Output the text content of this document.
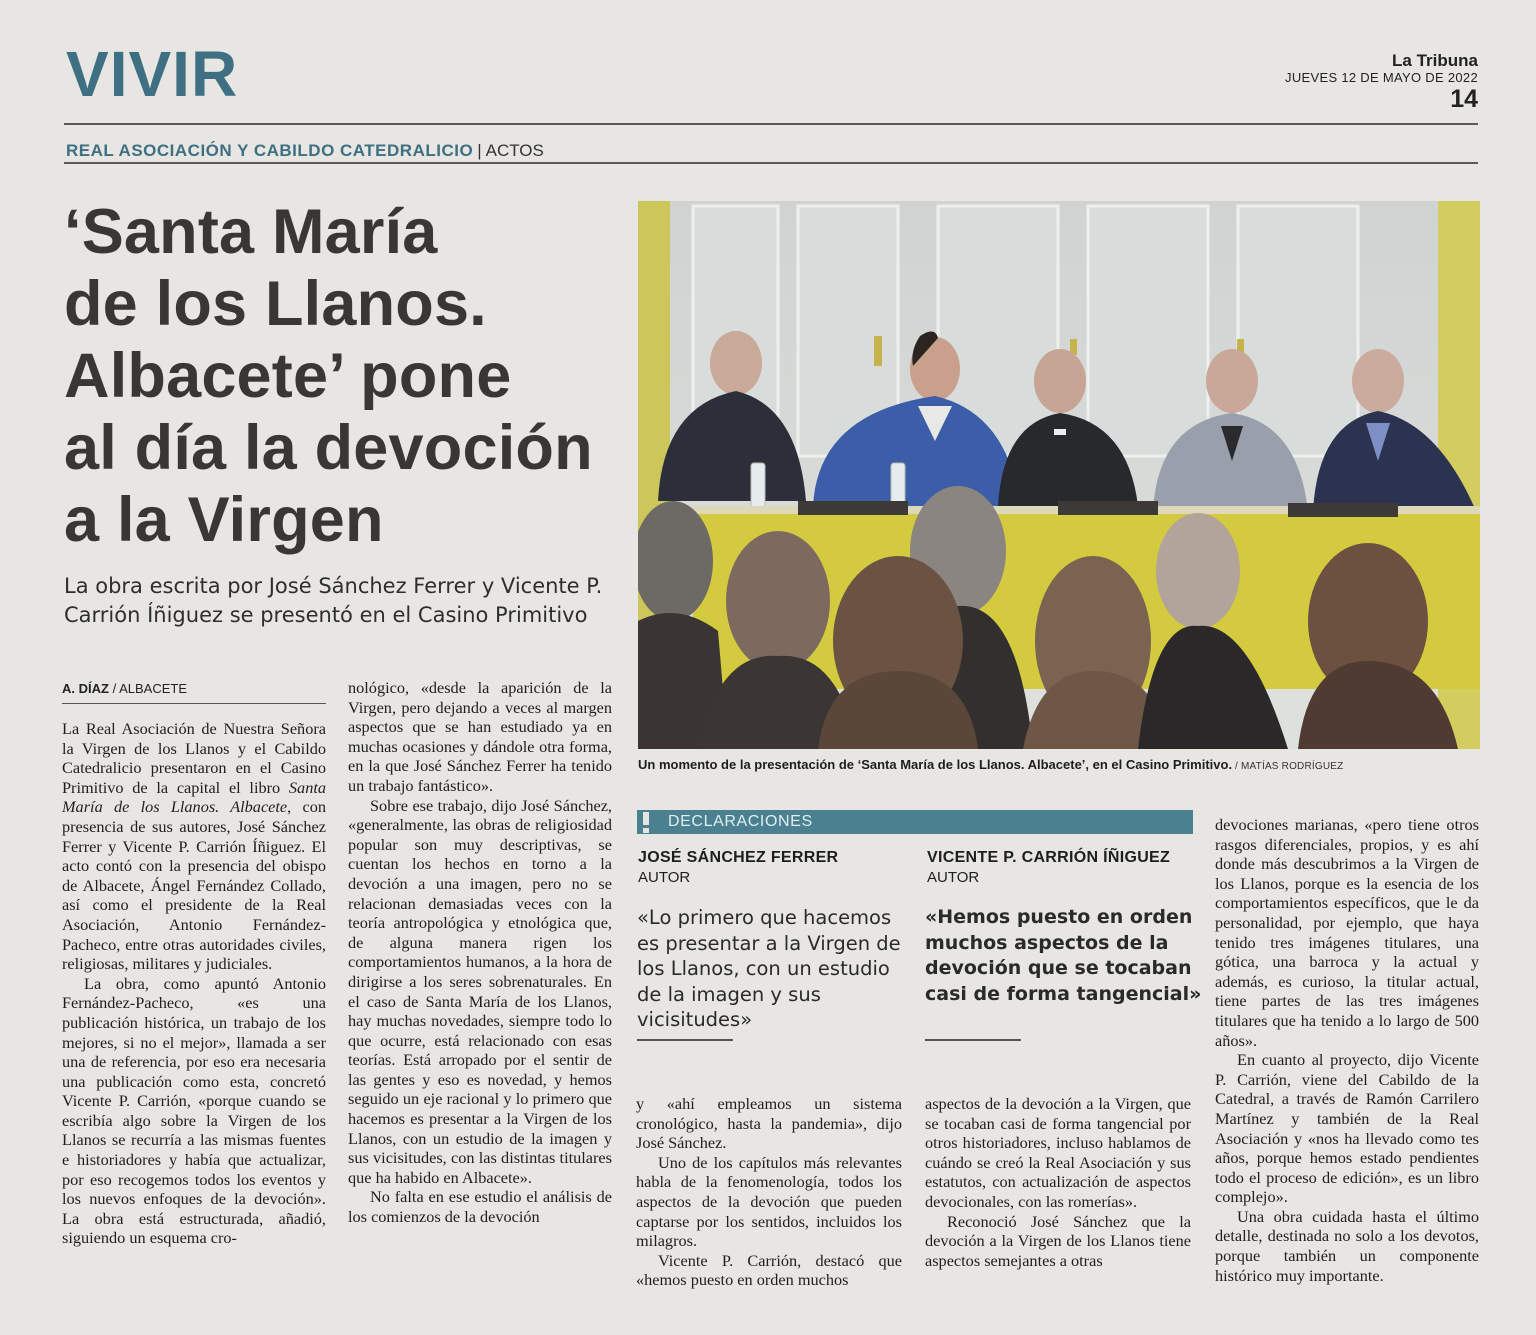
VIVIR	La Tribuna
JUEVES 12 DE MAYO DE 2022
14
REAL ASOCIACIÓN Y CABILDO CATEDRALICIO | ACTOS
‘Santa María
de los Llanos.
Albacete’ pone
al día la devoción
a la Virgen
La obra escrita por José Sánchez Ferrer y Vicente P. Carrión Íñiguez se presentó en el Casino Primitivo
Un momento de la presentación de ‘Santa María de los Llanos. Albacete’, en el Casino Primitivo. / MATÍAS RODRÍGUEZ
A. DÍAZ / ALBACETE

La Real Asociación de Nuestra Señora la Virgen de los Llanos y el Cabildo Catedralicio presentaron en el Casino Primitivo de la capital el libro Santa María de los Llanos. Albacete, con presencia de sus autores, José Sánchez Ferrer y Vicente P. Carrión Íñiguez. El acto contó con la presencia del obispo de Albacete, Ángel Fernández Collado, así como el presidente de la Real Asociación, Antonio Fernández-Pacheco, entre otras autoridades civiles, religiosas, militares y judiciales.

La obra, como apuntó Antonio Fernández-Pacheco, «es una publicación histórica, un trabajo de los mejores, si no el mejor», llamada a ser una de referencia, por eso era necesaria una publicación como esta, concretó Vicente P. Carrión, «porque cuando se escribía algo sobre la Virgen de los Llanos se recurría a las mismas fuentes e historiadores y había que actualizar, por eso recogemos todos los eventos y los nuevos enfoques de la devoción». La obra está estructurada, añadió, siguiendo un esquema cro-

nológico, «desde la aparición de la Virgen, pero dejando a veces al margen aspectos que se han estudiado ya en muchas ocasiones y dándole otra forma, en la que José Sánchez Ferrer ha tenido un trabajo fantástico».

Sobre ese trabajo, dijo José Sánchez, «generalmente, las obras de religiosidad popular son muy descriptivas, se cuentan los hechos en torno a la devoción a una imagen, pero no se relacionan demasiadas veces con la teoría antropológica y etnológica que, de alguna manera rigen los comportamientos humanos, a la hora de dirigirse a los seres sobrenaturales. En el caso de Santa María de los Llanos, hay muchas novedades, siempre todo lo que ocurre, está relacionado con esas teorías. Está arropado por el sentir de las gentes y eso es novedad, y hemos seguido un eje racional y lo primero que hacemos es presentar a la Virgen de los Llanos, con un estudio de la imagen y sus vicisitudes, con las distintas titulares que ha habido en Albacete».

No falta en ese estudio el análisis de los comienzos de la devoción

DECLARACIONES
JOSÉ SÁNCHEZ FERRER
AUTOR
VICENTE P. CARRIÓN ÍÑIGUEZ
AUTOR
«Lo primero que hacemos es presentar a la Virgen de los Llanos, con un estudio de la imagen y sus vicisitudes»
«Hemos puesto en orden muchos aspectos de la devoción que se tocaban casi de forma tangencial»

y «ahí empleamos un sistema cronológico, hasta la pandemia», dijo José Sánchez.

Uno de los capítulos más relevantes habla de la fenomenología, todos los aspectos de la devoción que pueden captarse por los sentidos, incluidos los milagros.

Vicente P. Carrión, destacó que «hemos puesto en orden muchos

aspectos de la devoción a la Virgen, que se tocaban casi de forma tangencial por otros historiadores, incluso hablamos de cuándo se creó la Real Asociación y sus estatutos, con actualización de aspectos devocionales, con las romerías».

Reconoció José Sánchez que la devoción a la Virgen de los Llanos tiene aspectos semejantes a otras

devociones marianas, «pero tiene otros rasgos diferenciales, propios, y es ahí donde más descubrimos a la Virgen de los Llanos, porque es la esencia de los comportamientos específicos, que le da personalidad, por ejemplo, que haya tenido tres imágenes titulares, una gótica, una barroca y la actual y además, es curioso, la titular actual, tiene partes de las tres imágenes titulares que ha tenido a lo largo de 500 años».

En cuanto al proyecto, dijo Vicente P. Carrión, viene del Cabildo de la Catedral, a través de Ramón Carrilero Martínez y también de la Real Asociación y «nos ha llevado como tes años, porque hemos estado pendientes todo el proceso de edición», es un libro complejo».

Una obra cuidada hasta el último detalle, destinada no solo a los devotos, porque también un componente histórico muy importante.
